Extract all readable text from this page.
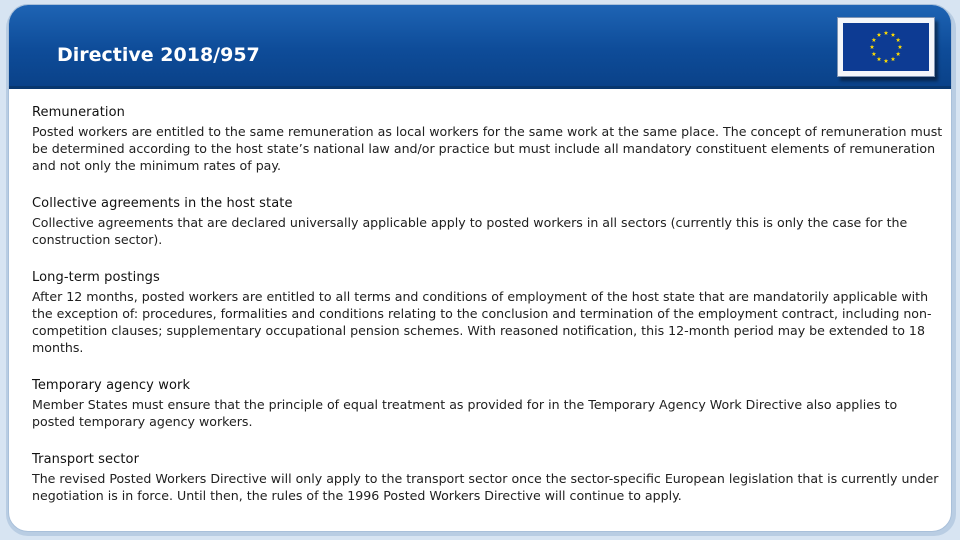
Directive 2018/957
Remuneration

Posted workers are entitled to the same remuneration as local workers for the same work at the same place. The concept of remuneration must be determined according to the host state’s national law and/or practice but must include all mandatory constituent elements of remuneration and not only the minimum rates of pay.

Collective agreements in the host state

Collective agreements that are declared universally applicable apply to posted workers in all sectors (currently this is only the case for the construction sector).

Long-term postings

After 12 months, posted workers are entitled to all terms and conditions of employment of the host state that are mandatorily applicable with the exception of: procedures, formalities and conditions relating to the conclusion and termination of the employment contract, including non-competition clauses; supplementary occupational pension schemes. With reasoned notification, this 12-month period may be extended to 18 months.

Temporary agency work

Member States must ensure that the principle of equal treatment as provided for in the Temporary Agency Work Directive also applies to posted temporary agency workers.

Transport sector

The revised Posted Workers Directive will only apply to the transport sector once the sector-specific European legislation that is currently under negotiation is in force. Until then, the rules of the 1996 Posted Workers Directive will continue to apply.
